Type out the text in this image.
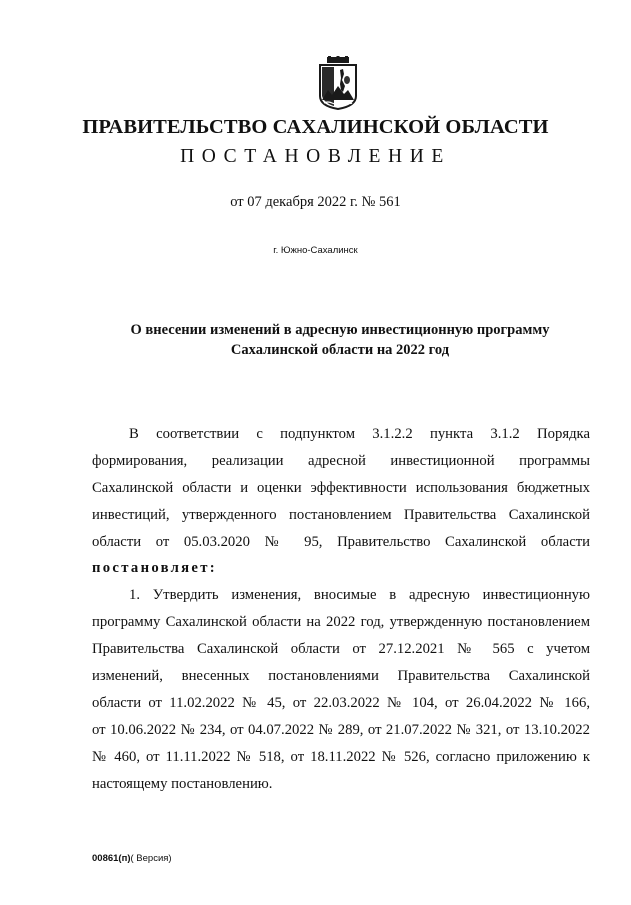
ПРАВИТЕЛЬСТВО САХАЛИНСКОЙ ОБЛАСТИ
ПОСТАНОВЛЕНИЕ
от 07 декабря 2022 г. № 561
г. Южно-Сахалинск
О внесении изменений в адресную инвестиционную программу
Сахалинской области на 2022 год
В соответствии с подпунктом 3.1.2.2 пункта 3.1.2 Порядка
формирования, реализации адресной инвестиционной программы
Сахалинской области и оценки эффективности использования бюджетных
инвестиций, утвержденного постановлением Правительства Сахалинской
области от 05.03.2020 № 95, Правительство Сахалинской области
постановляет:
1. Утвердить изменения, вносимые в адресную инвестиционную
программу Сахалинской области на 2022 год, утвержденную постановлением
Правительства Сахалинской области от 27.12.2021 № 565 с учетом
изменений, внесенных постановлениями Правительства Сахалинской
области от 11.02.2022 № 45, от 22.03.2022 № 104, от 26.04.2022 № 166,
от 10.06.2022 № 234, от 04.07.2022 № 289, от 21.07.2022 № 321, от 13.10.2022
№ 460, от 11.11.2022 № 518, от 18.11.2022 № 526, согласно приложению к
настоящему постановлению.
00861(п)( Версия)
